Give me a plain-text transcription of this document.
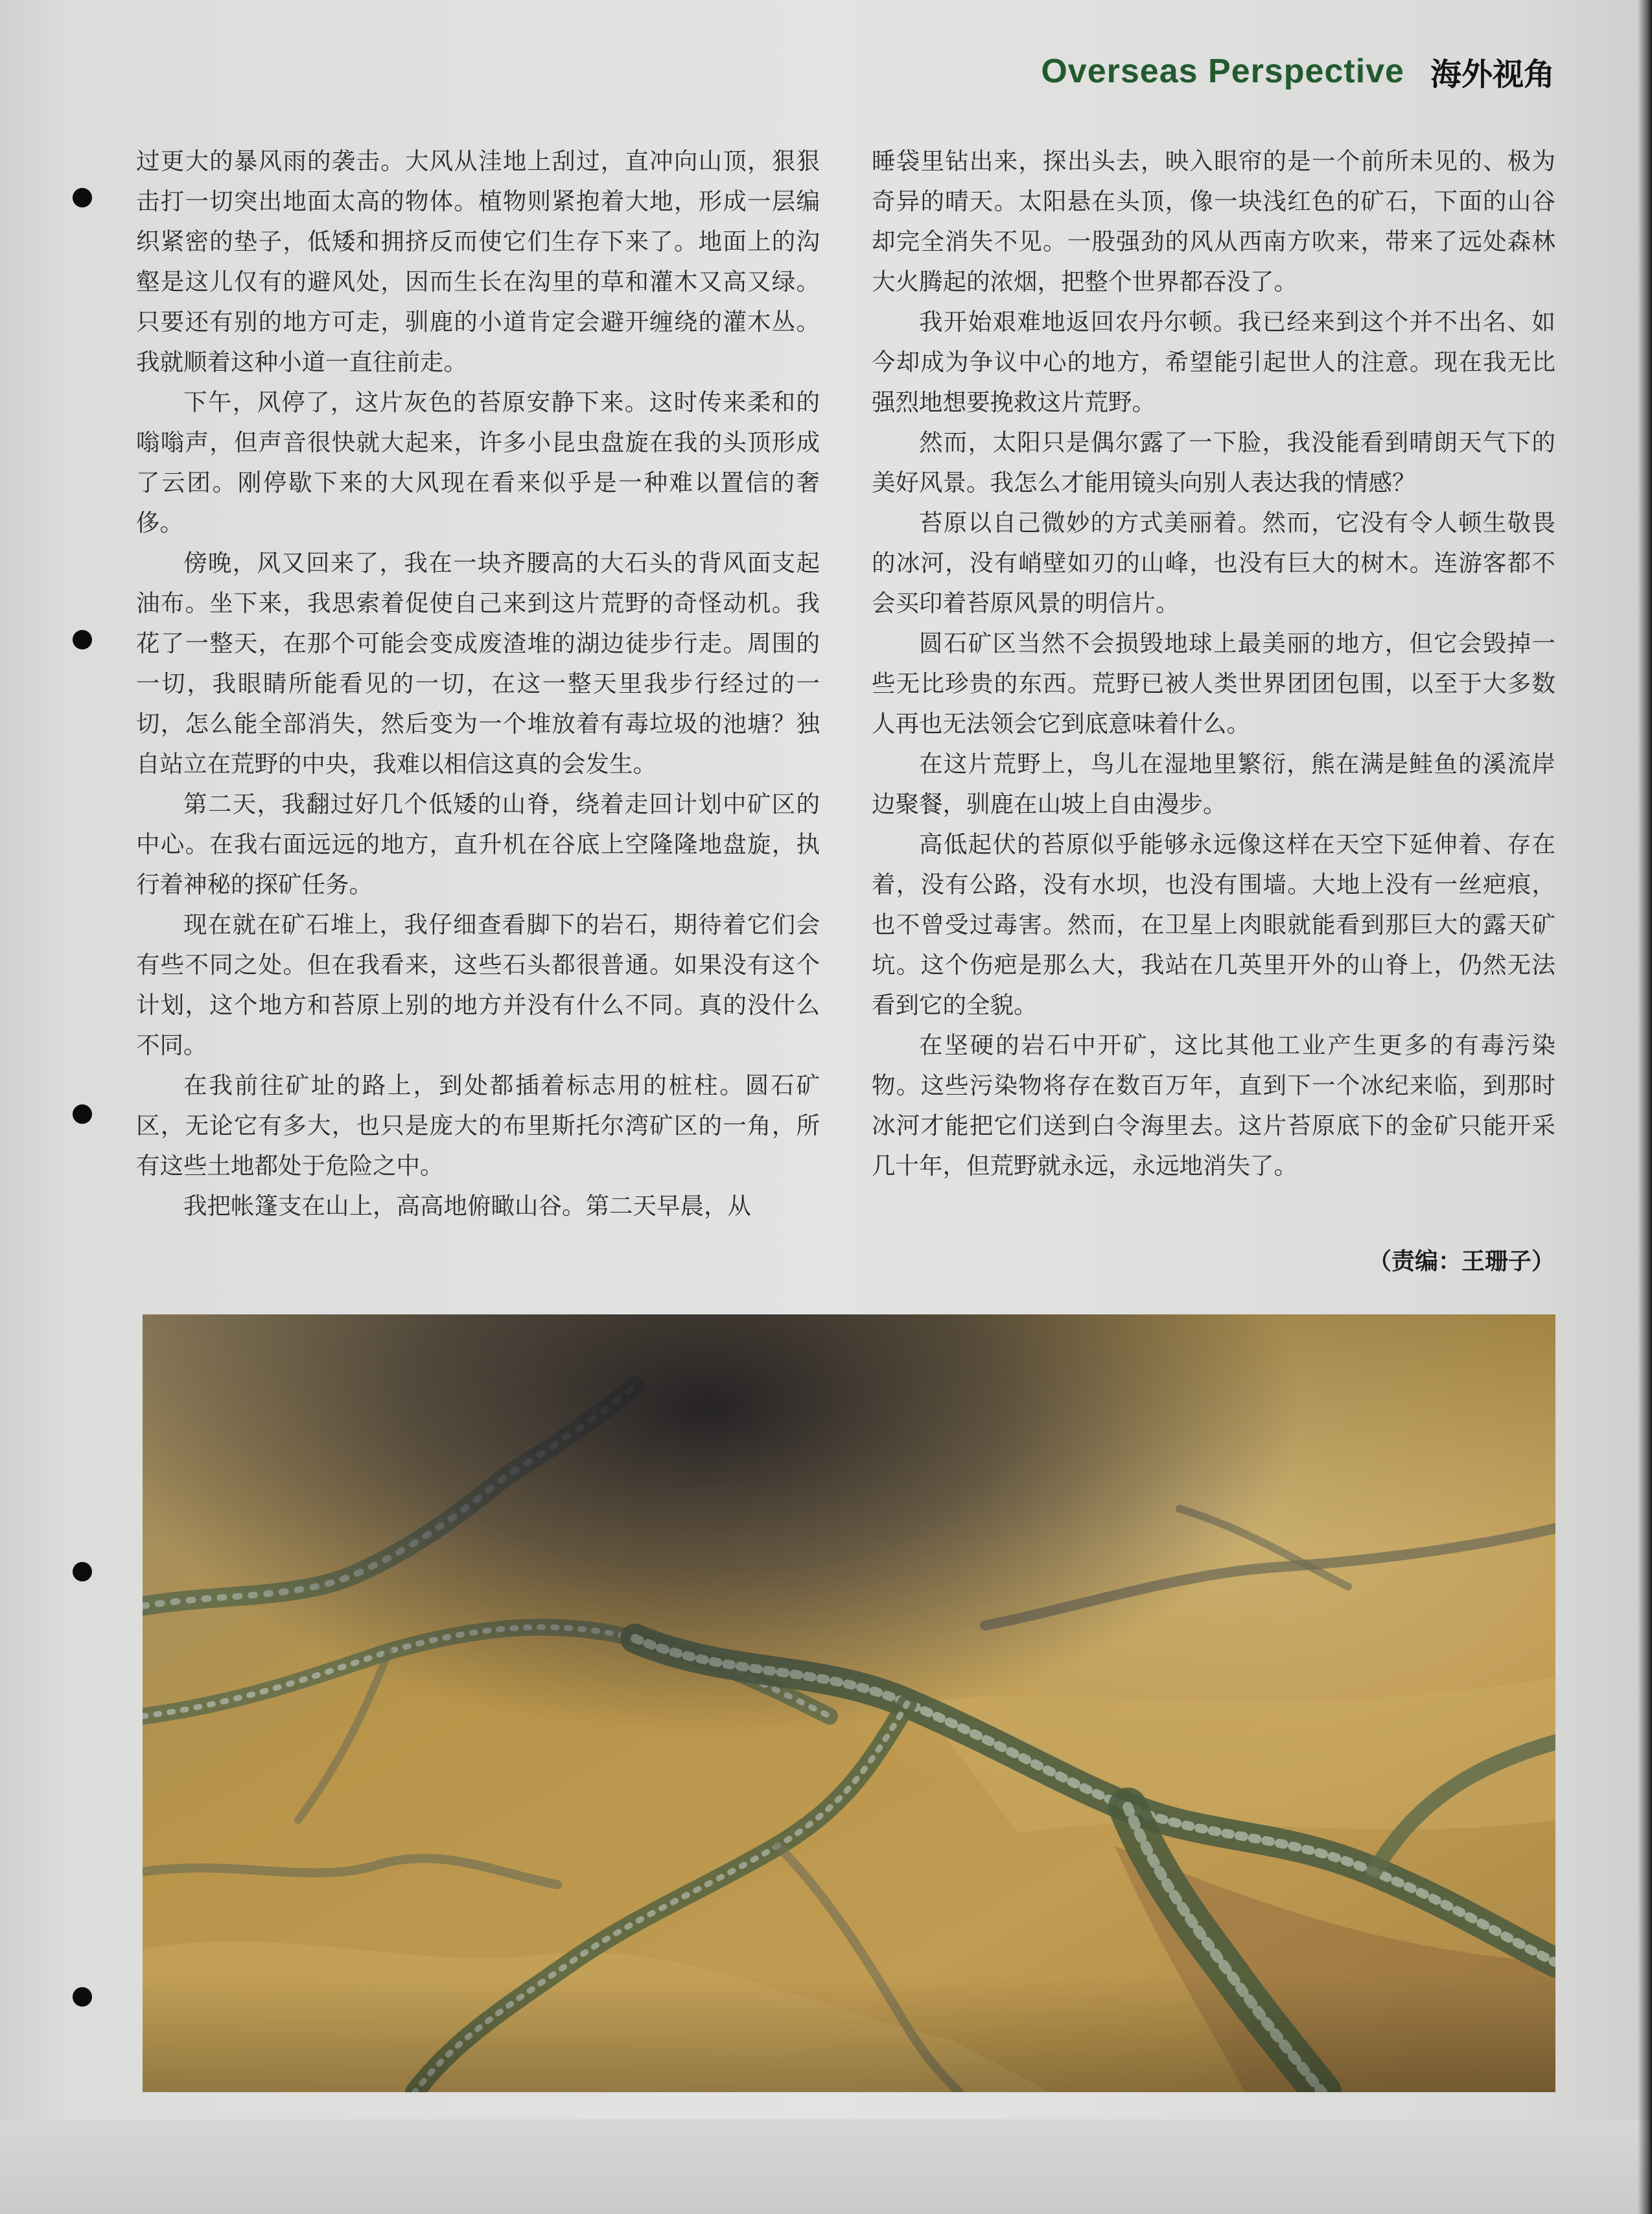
Overseas Perspective 海外视角

过更大的暴风雨的袭击。大风从洼地上刮过，直冲向山顶，狠狠击打一切突出地面太高的物体。植物则紧抱着大地，形成一层编织紧密的垫子，低矮和拥挤反而使它们生存下来了。地面上的沟壑是这儿仅有的避风处，因而生长在沟里的草和灌木又高又绿。只要还有别的地方可走，驯鹿的小道肯定会避开缠绕的灌木丛。我就顺着这种小道一直往前走。

下午，风停了，这片灰色的苔原安静下来。这时传来柔和的嗡嗡声，但声音很快就大起来，许多小昆虫盘旋在我的头顶形成了云团。刚停歇下来的大风现在看来似乎是一种难以置信的奢侈。

傍晚，风又回来了，我在一块齐腰高的大石头的背风面支起油布。坐下来，我思索着促使自己来到这片荒野的奇怪动机。我花了一整天，在那个可能会变成废渣堆的湖边徒步行走。周围的一切，我眼睛所能看见的一切，在这一整天里我步行经过的一切，怎么能全部消失，然后变为一个堆放着有毒垃圾的池塘？独自站立在荒野的中央，我难以相信这真的会发生。

第二天，我翻过好几个低矮的山脊，绕着走回计划中矿区的中心。在我右面远远的地方，直升机在谷底上空隆隆地盘旋，执行着神秘的探矿任务。

现在就在矿石堆上，我仔细查看脚下的岩石，期待着它们会有些不同之处。但在我看来，这些石头都很普通。如果没有这个计划，这个地方和苔原上别的地方并没有什么不同。真的没什么不同。

在我前往矿址的路上，到处都插着标志用的桩柱。圆石矿区，无论它有多大，也只是庞大的布里斯托尔湾矿区的一角，所有这些土地都处于危险之中。

我把帐篷支在山上，高高地俯瞰山谷。第二天早晨，从

睡袋里钻出来，探出头去，映入眼帘的是一个前所未见的、极为奇异的晴天。太阳悬在头顶，像一块浅红色的矿石，下面的山谷却完全消失不见。一股强劲的风从西南方吹来，带来了远处森林大火腾起的浓烟，把整个世界都吞没了。

我开始艰难地返回农丹尔顿。我已经来到这个并不出名、如今却成为争议中心的地方，希望能引起世人的注意。现在我无比强烈地想要挽救这片荒野。

然而，太阳只是偶尔露了一下脸，我没能看到晴朗天气下的美好风景。我怎么才能用镜头向别人表达我的情感？

苔原以自己微妙的方式美丽着。然而，它没有令人顿生敬畏的冰河，没有峭壁如刃的山峰，也没有巨大的树木。连游客都不会买印着苔原风景的明信片。

圆石矿区当然不会损毁地球上最美丽的地方，但它会毁掉一些无比珍贵的东西。荒野已被人类世界团团包围，以至于大多数人再也无法领会它到底意味着什么。

在这片荒野上，鸟儿在湿地里繁衍，熊在满是鲑鱼的溪流岸边聚餐，驯鹿在山坡上自由漫步。

高低起伏的苔原似乎能够永远像这样在天空下延伸着、存在着，没有公路，没有水坝，也没有围墙。大地上没有一丝疤痕，也不曾受过毒害。然而，在卫星上肉眼就能看到那巨大的露天矿坑。这个伤疤是那么大，我站在几英里开外的山脊上，仍然无法看到它的全貌。

在坚硬的岩石中开矿，这比其他工业产生更多的有毒污染物。这些污染物将存在数百万年，直到下一个冰纪来临，到那时冰河才能把它们送到白令海里去。这片苔原底下的金矿只能开采几十年，但荒野就永远，永远地消失了。

（责编：王珊子）
